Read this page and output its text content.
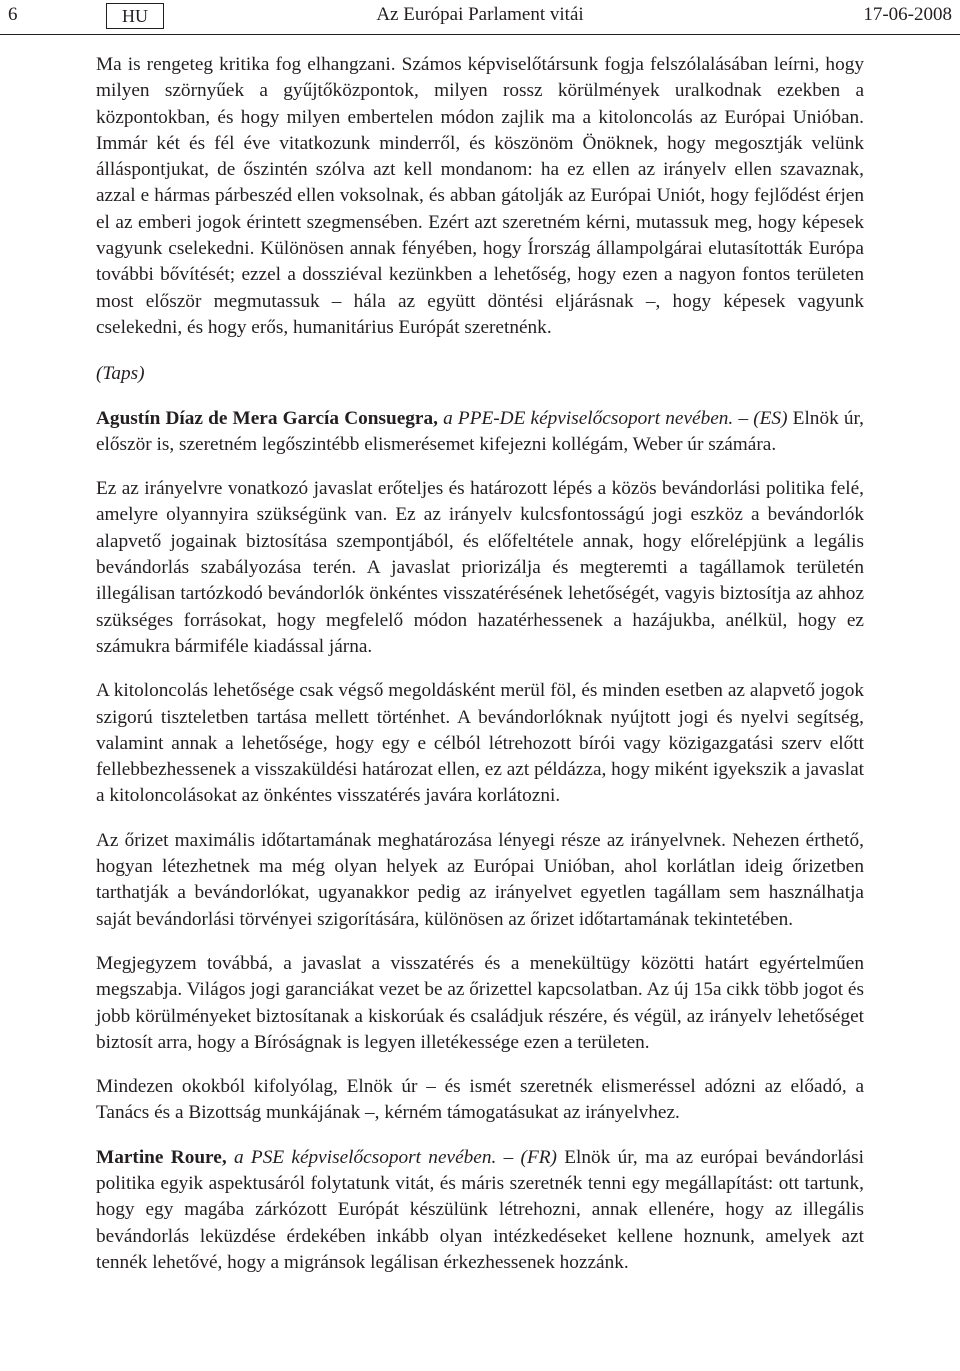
6	HU	Az Európai Parlament vitái	17-06-2008

Ma is rengeteg kritika fog elhangzani. Számos képviselőtársunk fogja felszólalásában leírni, hogy milyen szörnyűek a gyűjtőközpontok, milyen rossz körülmények uralkodnak ezekben a központokban, és hogy milyen embertelen módon zajlik ma a kitoloncolás az Európai Unióban. Immár két és fél éve vitatkozunk minderről, és köszönöm Önöknek, hogy megosztják velünk álláspontjukat, de őszintén szólva azt kell mondanom: ha ez ellen az irányelv ellen szavaznak, azzal e hármas párbeszéd ellen voksolnak, és abban gátolják az Európai Uniót, hogy fejlődést érjen el az emberi jogok érintett szegmensében. Ezért azt szeretném kérni, mutassuk meg, hogy képesek vagyunk cselekedni. Különösen annak fényében, hogy Írország állampolgárai elutasították Európa további bővítését; ezzel a dossziéval kezünkben a lehetőség, hogy ezen a nagyon fontos területen most először megmutassuk – hála az együtt döntési eljárásnak –, hogy képesek vagyunk cselekedni, és hogy erős, humanitárius Európát szeretnénk.

(Taps)

Agustín Díaz de Mera García Consuegra, a PPE-DE képviselőcsoport nevében. – (ES) Elnök úr, először is, szeretném legőszintébb elismerésemet kifejezni kollégám, Weber úr számára.

Ez az irányelvre vonatkozó javaslat erőteljes és határozott lépés a közös bevándorlási politika felé, amelyre olyannyira szükségünk van. Ez az irányelv kulcsfontosságú jogi eszköz a bevándorlók alapvető jogainak biztosítása szempontjából, és előfeltétele annak, hogy előrelépjünk a legális bevándorlás szabályozása terén. A javaslat priorizálja és megteremti a tagállamok területén illegálisan tartózkodó bevándorlók önkéntes visszatérésének lehetőségét, vagyis biztosítja az ahhoz szükséges forrásokat, hogy megfelelő módon hazatérhessenek a hazájukba, anélkül, hogy ez számukra bármiféle kiadással járna.

A kitoloncolás lehetősége csak végső megoldásként merül föl, és minden esetben az alapvető jogok szigorú tiszteletben tartása mellett történhet. A bevándorlóknak nyújtott jogi és nyelvi segítség, valamint annak a lehetősége, hogy egy e célból létrehozott bírói vagy közigazgatási szerv előtt fellebbezhessenek a visszaküldési határozat ellen, ez azt példázza, hogy miként igyekszik a javaslat a kitoloncolásokat az önkéntes visszatérés javára korlátozni.

Az őrizet maximális időtartamának meghatározása lényegi része az irányelvnek. Nehezen érthető, hogyan létezhetnek ma még olyan helyek az Európai Unióban, ahol korlátlan ideig őrizetben tarthatják a bevándorlókat, ugyanakkor pedig az irányelvet egyetlen tagállam sem használhatja saját bevándorlási törvényei szigorítására, különösen az őrizet időtartamának tekintetében.

Megjegyzem továbbá, a javaslat a visszatérés és a menekültügy közötti határt egyértelműen megszabja. Világos jogi garanciákat vezet be az őrizettel kapcsolatban. Az új 15a cikk több jogot és jobb körülményeket biztosítanak a kiskorúak és családjuk részére, és végül, az irányelv lehetőséget biztosít arra, hogy a Bíróságnak is legyen illetékessége ezen a területen.

Mindezen okokból kifolyólag, Elnök úr – és ismét szeretnék elismeréssel adózni az előadó, a Tanács és a Bizottság munkájának –, kérném támogatásukat az irányelvhez.

Martine Roure, a PSE képviselőcsoport nevében. – (FR) Elnök úr, ma az európai bevándorlási politika egyik aspektusáról folytatunk vitát, és máris szeretnék tenni egy megállapítást: ott tartunk, hogy egy magába zárkózott Európát készülünk létrehozni, annak ellenére, hogy az illegális bevándorlás leküzdése érdekében inkább olyan intézkedéseket kellene hoznunk, amelyek azt tennék lehetővé, hogy a migránsok legálisan érkezhessenek hozzánk.
